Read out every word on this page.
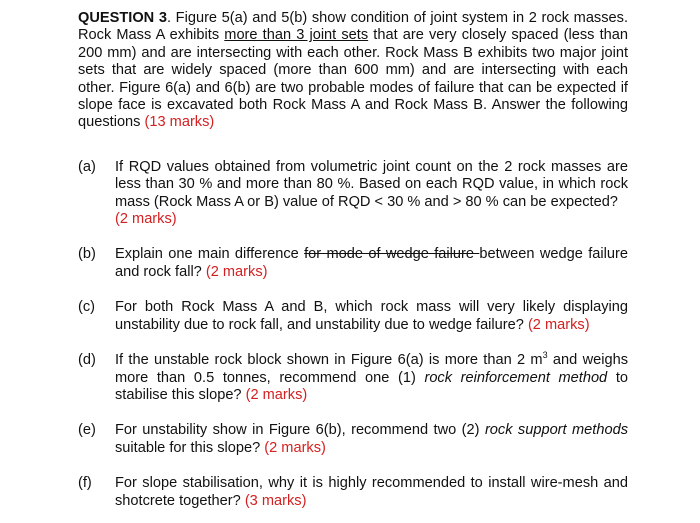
QUESTION 3. Figure 5(a) and 5(b) show condition of joint system in 2 rock masses. Rock Mass A exhibits more than 3 joint sets that are very closely spaced (less than 200 mm) and are intersecting with each other. Rock Mass B exhibits two major joint sets that are widely spaced (more than 600 mm) and are intersecting with each other. Figure 6(a) and 6(b) are two probable modes of failure that can be expected if slope face is excavated both Rock Mass A and Rock Mass B. Answer the following questions (13 marks)

(a) If RQD values obtained from volumetric joint count on the 2 rock masses are less than 30 % and more than 80 %. Based on each RQD value, in which rock mass (Rock Mass A or B) value of RQD < 30 % and > 80 % can be expected?
(2 marks)

(b) Explain one main difference for mode of wedge failure between wedge failure and rock fall? (2 marks)

(c) For both Rock Mass A and B, which rock mass will very likely displaying unstability due to rock fall, and unstability due to wedge failure? (2 marks)

(d) If the unstable rock block shown in Figure 6(a) is more than 2 $m^3$ and weighs more than 0.5 tonnes, recommend one (1) rock reinforcement method to stabilise this slope? (2 marks)

(e) For unstability show in Figure 6(b), recommend two (2) rock support methods suitable for this slope? (2 marks)

(f) For slope stabilisation, why it is highly recommended to install wire-mesh and shotcrete together? (3 marks)
